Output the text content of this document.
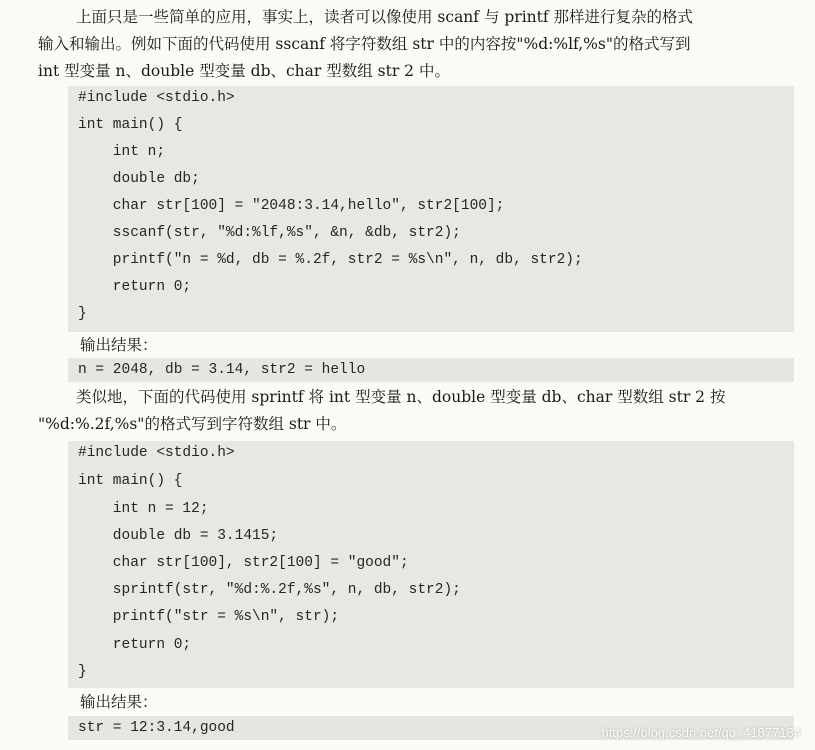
上面只是一些简单的应用，事实上，读者可以像使用 scanf 与 printf 那样进行复杂的格式

输入和输出。例如下面的代码使用 sscanf 将字符数组 str 中的内容按"%d:%lf,%s"的格式写到

int 型变量 n、double 型变量 db、char 型数组 str 2 中。

#include <stdio.h>
int main() {
int n;
double db;
char str[100] = "2048:3.14,hello", str2[100];
sscanf(str, "%d:%lf,%s", &n, &db, str2);
printf("n = %d, db = %.2f, str2 = %s\n", n, db, str2);
return 0;
}
输出结果：
n = 2048, db = 3.14, str2 = hello

类似地，下面的代码使用 sprintf 将 int 型变量 n、double 型变量 db、char 型数组 str 2 按

"%d:%.2f,%s"的格式写到字符数组 str 中。

#include <stdio.h>
int main() {
int n = 12;
double db = 3.1415;
char str[100], str2[100] = "good";
sprintf(str, "%d:%.2f,%s", n, db, str2);
printf("str = %s\n", str);
return 0;
}
输出结果：
str = 12:3.14,good	https://blog.csdn.net/qq_41877184
